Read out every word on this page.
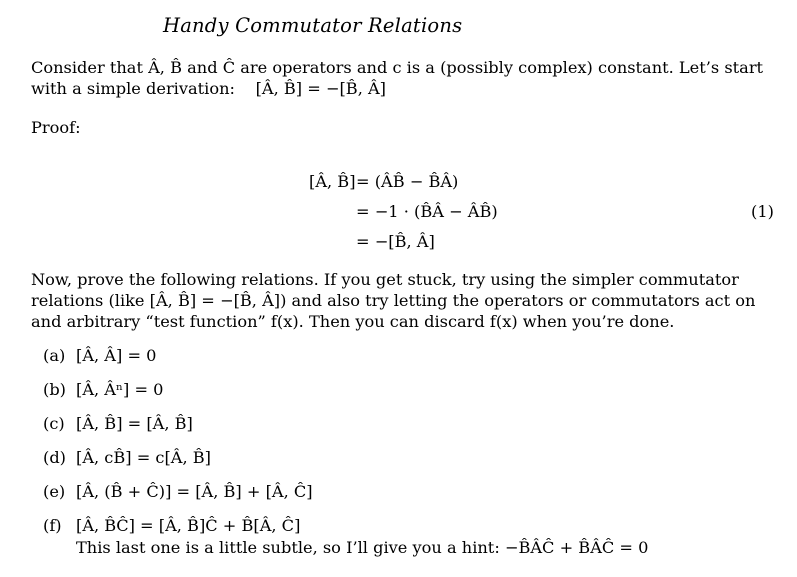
Handy Commutator Relations
Consider that Â, B̂ and Ĉ are operators and c is a (possibly complex) constant. Let’s start with a simple derivation: [Â, B̂] = −[B̂, Â]
Proof:
[Â, B̂] = (ÂB̂ − B̂Â)
= −1 · (B̂Â − ÂB̂)
= −[B̂, Â]
(1)
Now, prove the following relations. If you get stuck, try using the simpler commutator relations (like [Â, B̂] = −[B̂, Â]) and also try letting the operators or commutators act on and arbitrary “test function” f(x). Then you can discard f(x) when you’re done.
(a) [Â, Â] = 0
(b) [Â, Âⁿ] = 0
(c) [Â, B̂] = [Â, B̂]
(d) [Â, cB̂] = c[Â, B̂]
(e) [Â, (B̂ + Ĉ)] = [Â, B̂] + [Â, Ĉ]
(f) [Â, B̂Ĉ] = [Â, B̂]Ĉ + B̂[Â, Ĉ]
This last one is a little subtle, so I’ll give you a hint: −B̂ÂĈ + B̂ÂĈ = 0
